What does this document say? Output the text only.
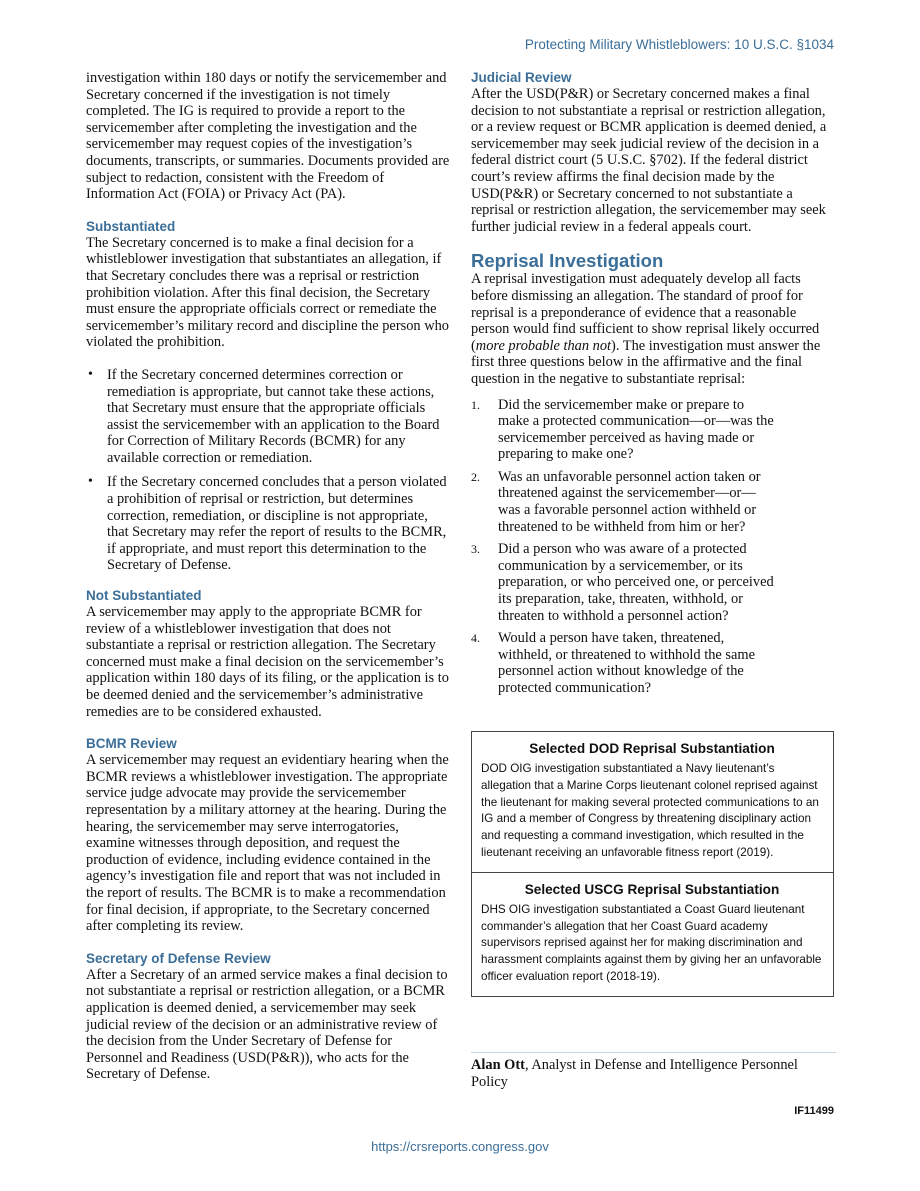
Protecting Military Whistleblowers: 10 U.S.C. §1034

investigation within 180 days or notify the servicemember and Secretary concerned if the investigation is not timely completed. The IG is required to provide a report to the servicemember after completing the investigation and the servicemember may request copies of the investigation’s documents, transcripts, or summaries. Documents provided are subject to redaction, consistent with the Freedom of Information Act (FOIA) or Privacy Act (PA).

Substantiated

The Secretary concerned is to make a final decision for a whistleblower investigation that substantiates an allegation, if that Secretary concludes there was a reprisal or restriction prohibition violation. After this final decision, the Secretary must ensure the appropriate officials correct or remediate the servicemember’s military record and discipline the person who violated the prohibition.

• If the Secretary concerned determines correction or remediation is appropriate, but cannot take these actions, that Secretary must ensure that the appropriate officials assist the servicemember with an application to the Board for Correction of Military Records (BCMR) for any available correction or remediation.

• If the Secretary concerned concludes that a person violated a prohibition of reprisal or restriction, but determines correction, remediation, or discipline is not appropriate, that Secretary may refer the report of results to the BCMR, if appropriate, and must report this determination to the Secretary of Defense.

Not Substantiated

A servicemember may apply to the appropriate BCMR for review of a whistleblower investigation that does not substantiate a reprisal or restriction allegation. The Secretary concerned must make a final decision on the servicemember’s application within 180 days of its filing, or the application is to be deemed denied and the servicemember’s administrative remedies are to be considered exhausted.

BCMR Review

A servicemember may request an evidentiary hearing when the BCMR reviews a whistleblower investigation. The appropriate service judge advocate may provide the servicemember representation by a military attorney at the hearing. During the hearing, the servicemember may serve interrogatories, examine witnesses through deposition, and request the production of evidence, including evidence contained in the agency’s investigation file and report that was not included in the report of results. The BCMR is to make a recommendation for final decision, if appropriate, to the Secretary concerned after completing its review.

Secretary of Defense Review

After a Secretary of an armed service makes a final decision to not substantiate a reprisal or restriction allegation, or a BCMR application is deemed denied, a servicemember may seek judicial review of the decision or an administrative review of the decision from the Under Secretary of Defense for Personnel and Readiness (USD(P&R)), who acts for the Secretary of Defense.

Judicial Review

After the USD(P&R) or Secretary concerned makes a final decision to not substantiate a reprisal or restriction allegation, or a review request or BCMR application is deemed denied, a servicemember may seek judicial review of the decision in a federal district court (5 U.S.C. §702). If the federal district court’s review affirms the final decision made by the USD(P&R) or Secretary concerned to not substantiate a reprisal or restriction allegation, the servicemember may seek further judicial review in a federal appeals court.

Reprisal Investigation

A reprisal investigation must adequately develop all facts before dismissing an allegation. The standard of proof for reprisal is a preponderance of evidence that a reasonable person would find sufficient to show reprisal likely occurred (more probable than not). The investigation must answer the first three questions below in the affirmative and the final question in the negative to substantiate reprisal:

1. Did the servicemember make or prepare to make a protected communication—or—was the servicemember perceived as having made or preparing to make one?

2. Was an unfavorable personnel action taken or threatened against the servicemember—or—was a favorable personnel action withheld or threatened to be withheld from him or her?

3. Did a person who was aware of a protected communication by a servicemember, or its preparation, or who perceived one, or perceived its preparation, take, threaten, withhold, or threaten to withhold a personnel action?

4. Would a person have taken, threatened, withheld, or threatened to withhold the same personnel action without knowledge of the protected communication?

Selected DOD Reprisal Substantiation
DOD OIG investigation substantiated a Navy lieutenant’s allegation that a Marine Corps lieutenant colonel reprised against the lieutenant for making several protected communications to an IG and a member of Congress by threatening disciplinary action and requesting a command investigation, which resulted in the lieutenant receiving an unfavorable fitness report (2019).
Selected USCG Reprisal Substantiation
DHS OIG investigation substantiated a Coast Guard lieutenant commander’s allegation that her Coast Guard academy supervisors reprised against her for making discrimination and harassment complaints against them by giving her an unfavorable officer evaluation report (2018-19).
Alan Ott, Analyst in Defense and Intelligence Personnel Policy
IF11499
https://crsreports.congress.gov
